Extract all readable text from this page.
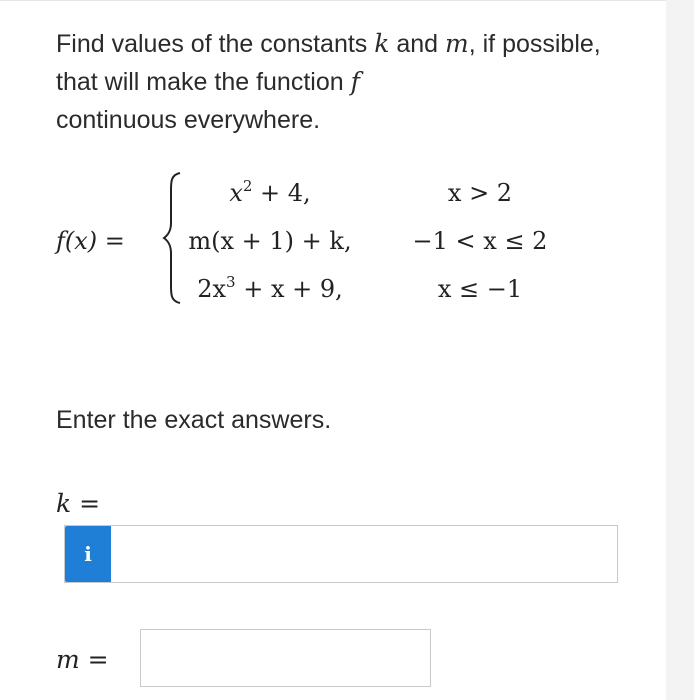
Find values of the constants k and m, if possible, that will make the function f
continuous everywhere.

f(x) =
$x^2 + 4$,	x > 2
m(x + 1) + k,	−1 < x ≤ 2
$2x^3 + x + 9$,	x ≤ −1

Enter the exact answers.

k =
i
m =
